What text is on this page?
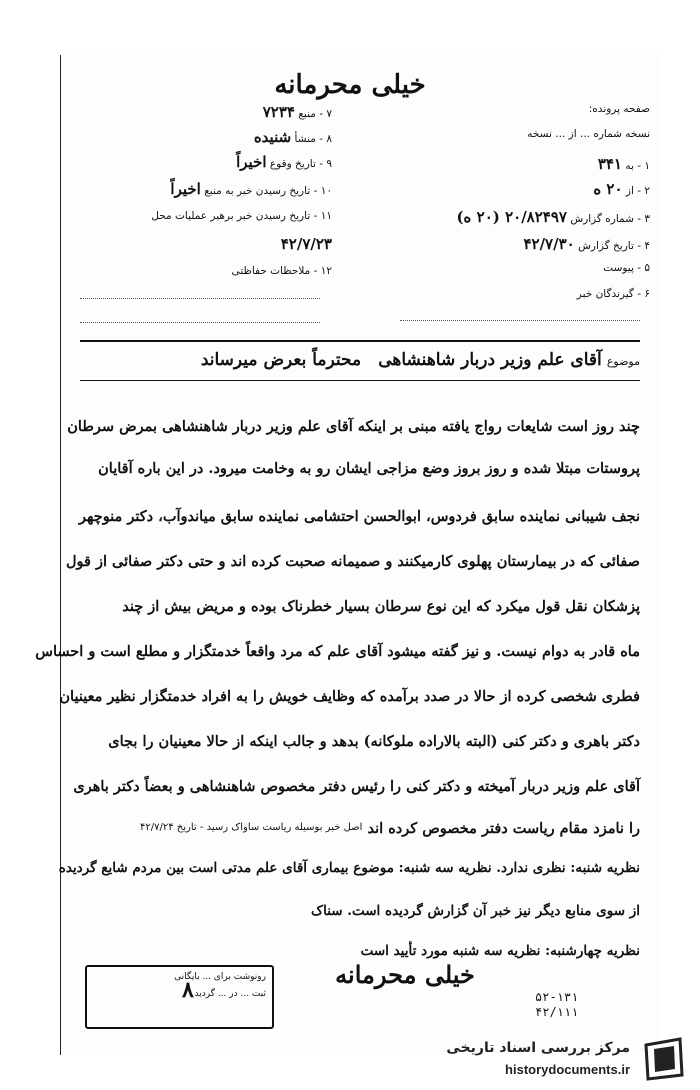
خیلی محرمانه
۷ - منبع ۷۲۳۴
۸ - منشأ شنیده
۹ - تاریخ وقوع اخیراً
۱۰ - تاریخ رسیدن خبر به منبع اخیراً
۱۱ - تاریخ رسیدن خبر برهبر عملیات محل
۴۲/۷/۲۳
۱۲ - ملاحظات حفاظتی
صفحه پرونده:
نسخه شماره ... از ... نسخه
۱ - به ۳۴۱
۲ - از ۲۰ ه
۳ - شماره گزارش ۲۰/۸۲۴۹۷ (۲۰ ه)
۴ - تاریخ گزارش ۴۲/۷/۳۰
۵ - پیوست
۶ - گیرندگان خبر
موضوع آقای علم وزیر دربار شاهنشاهی محترماً بعرض میرساند
چند روز است شایعات رواج یافته مبنی بر اینکه آقای علم وزیر دربار شاهنشاهی بمرض سرطان
پروستات مبتلا شده و روز بروز وضع مزاجی ایشان رو به وخامت میرود. در این باره آقایان
نجف شیبانی نماینده سابق فردوس، ابوالحسن احتشامی نماینده سابق میاندوآب، دکتر منوچهر
صفائی که در بیمارستان پهلوی کارمیکنند و صمیمانه صحبت کرده اند و حتی دکتر صفائی از قول
پزشکان نقل قول میکرد که این نوع سرطان بسیار خطرناک بوده و مریض بیش از چند
ماه قادر به دوام نیست. و نیز گفته میشود آقای علم که مرد واقعاً خدمتگزار و مطلع است و احساس
فطری شخصی کرده از حالا در صدد برآمده که وظایف خویش را به افراد خدمتگزار نظیر معینیان
دکتر باهری و دکتر کنی (البته بالاراده ملوکانه) بدهد و جالب اینکه از حالا معینیان را بجای
آقای علم وزیر دربار آمیخته و دکتر کنی را رئیس دفتر مخصوص شاهنشاهی و بعضاً دکتر باهری
را نامزد مقام ریاست دفتر مخصوص کرده اند
اصل خبر بوسیله ریاست ساواک رسید - تاریخ ۴۲/۷/۲۴
نظریه شنبه: نظری ندارد. نظریه سه شنبه: موضوع بیماری آقای علم مدتی است بین مردم شایع گردیده
از سوی منابع دیگر نیز خبر آن گزارش گردیده است. سناک
نظریه چهارشنبه: نظریه سه شنبه مورد تأیید است
رونوشت برای ... بایگانی
ثبت ... در ... گردید
۸
خیلی محرمانه
۵۲-۱۳۱
۴۲/۱۱۱
مرکز بررسی اسناد تاریخی
historydocuments.ir
